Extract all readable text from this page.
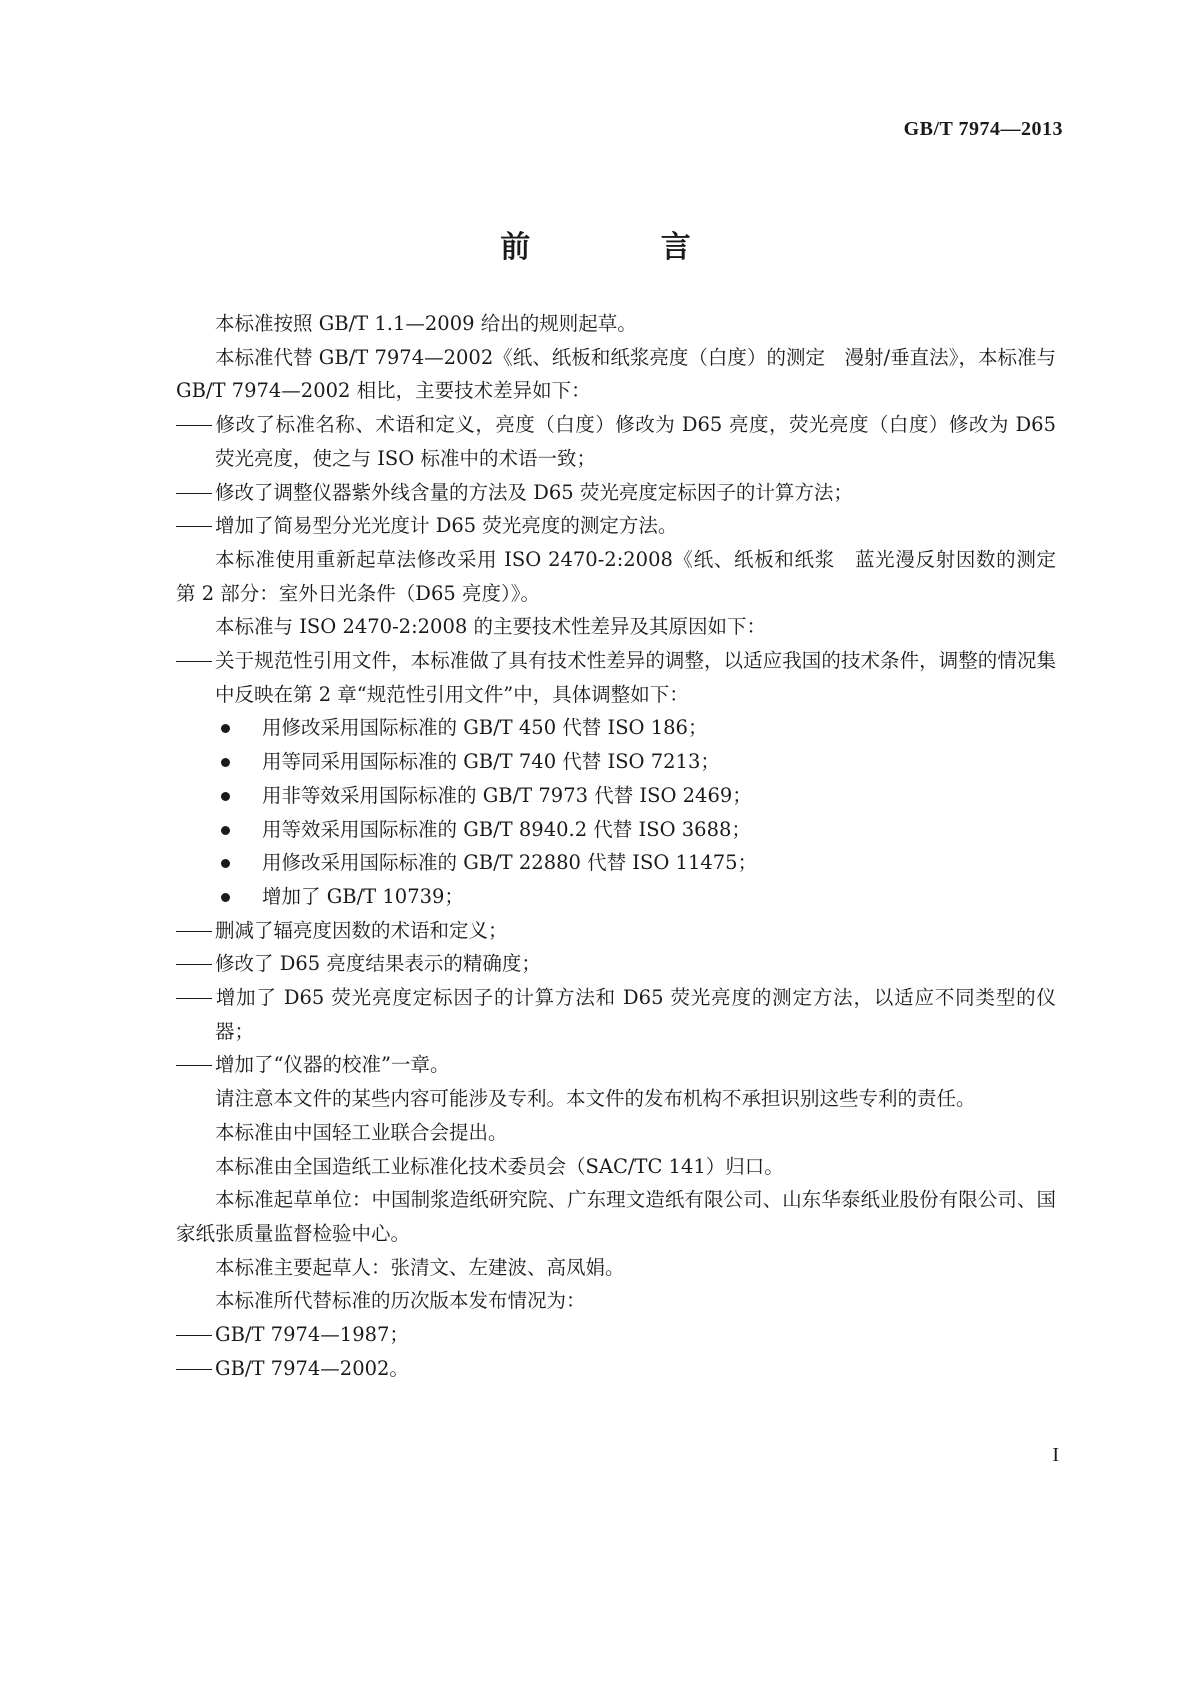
GB/T 7974—2013
前 言

本标准按照 GB/T 1.1—2009 给出的规则起草。

本标准代替 GB/T 7974—2002《纸、纸板和纸浆亮度（白度）的测定　漫射/垂直法》，本标准与 GB/T 7974—2002 相比，主要技术差异如下：

修改了标准名称、术语和定义，亮度（白度）修改为 D65 亮度，荧光亮度（白度）修改为 D65 荧光亮度，使之与 ISO 标准中的术语一致；

修改了调整仪器紫外线含量的方法及 D65 荧光亮度定标因子的计算方法；

增加了简易型分光光度计 D65 荧光亮度的测定方法。

本标准使用重新起草法修改采用 ISO 2470-2:2008《纸、纸板和纸浆　蓝光漫反射因数的测定　第 2 部分：室外日光条件（D65 亮度）》。

本标准与 ISO 2470-2:2008 的主要技术性差异及其原因如下：

关于规范性引用文件，本标准做了具有技术性差异的调整，以适应我国的技术条件，调整的情况集中反映在第 2 章“规范性引用文件”中，具体调整如下：

用修改采用国际标准的 GB/T 450 代替 ISO 186；
用等同采用国际标准的 GB/T 740 代替 ISO 7213；
用非等效采用国际标准的 GB/T 7973 代替 ISO 2469；
用等效采用国际标准的 GB/T 8940.2 代替 ISO 3688；
用修改采用国际标准的 GB/T 22880 代替 ISO 11475；
增加了 GB/T 10739；

删减了辐亮度因数的术语和定义；

修改了 D65 亮度结果表示的精确度；

增加了 D65 荧光亮度定标因子的计算方法和 D65 荧光亮度的测定方法，以适应不同类型的仪器；

增加了“仪器的校准”一章。

请注意本文件的某些内容可能涉及专利。本文件的发布机构不承担识别这些专利的责任。

本标准由中国轻工业联合会提出。

本标准由全国造纸工业标准化技术委员会（SAC/TC 141）归口。

本标准起草单位：中国制浆造纸研究院、广东理文造纸有限公司、山东华泰纸业股份有限公司、国家纸张质量监督检验中心。

本标准主要起草人：张清文、左建波、高凤娟。

本标准所代替标准的历次版本发布情况为：

GB/T 7974—1987；

GB/T 7974—2002。

I
